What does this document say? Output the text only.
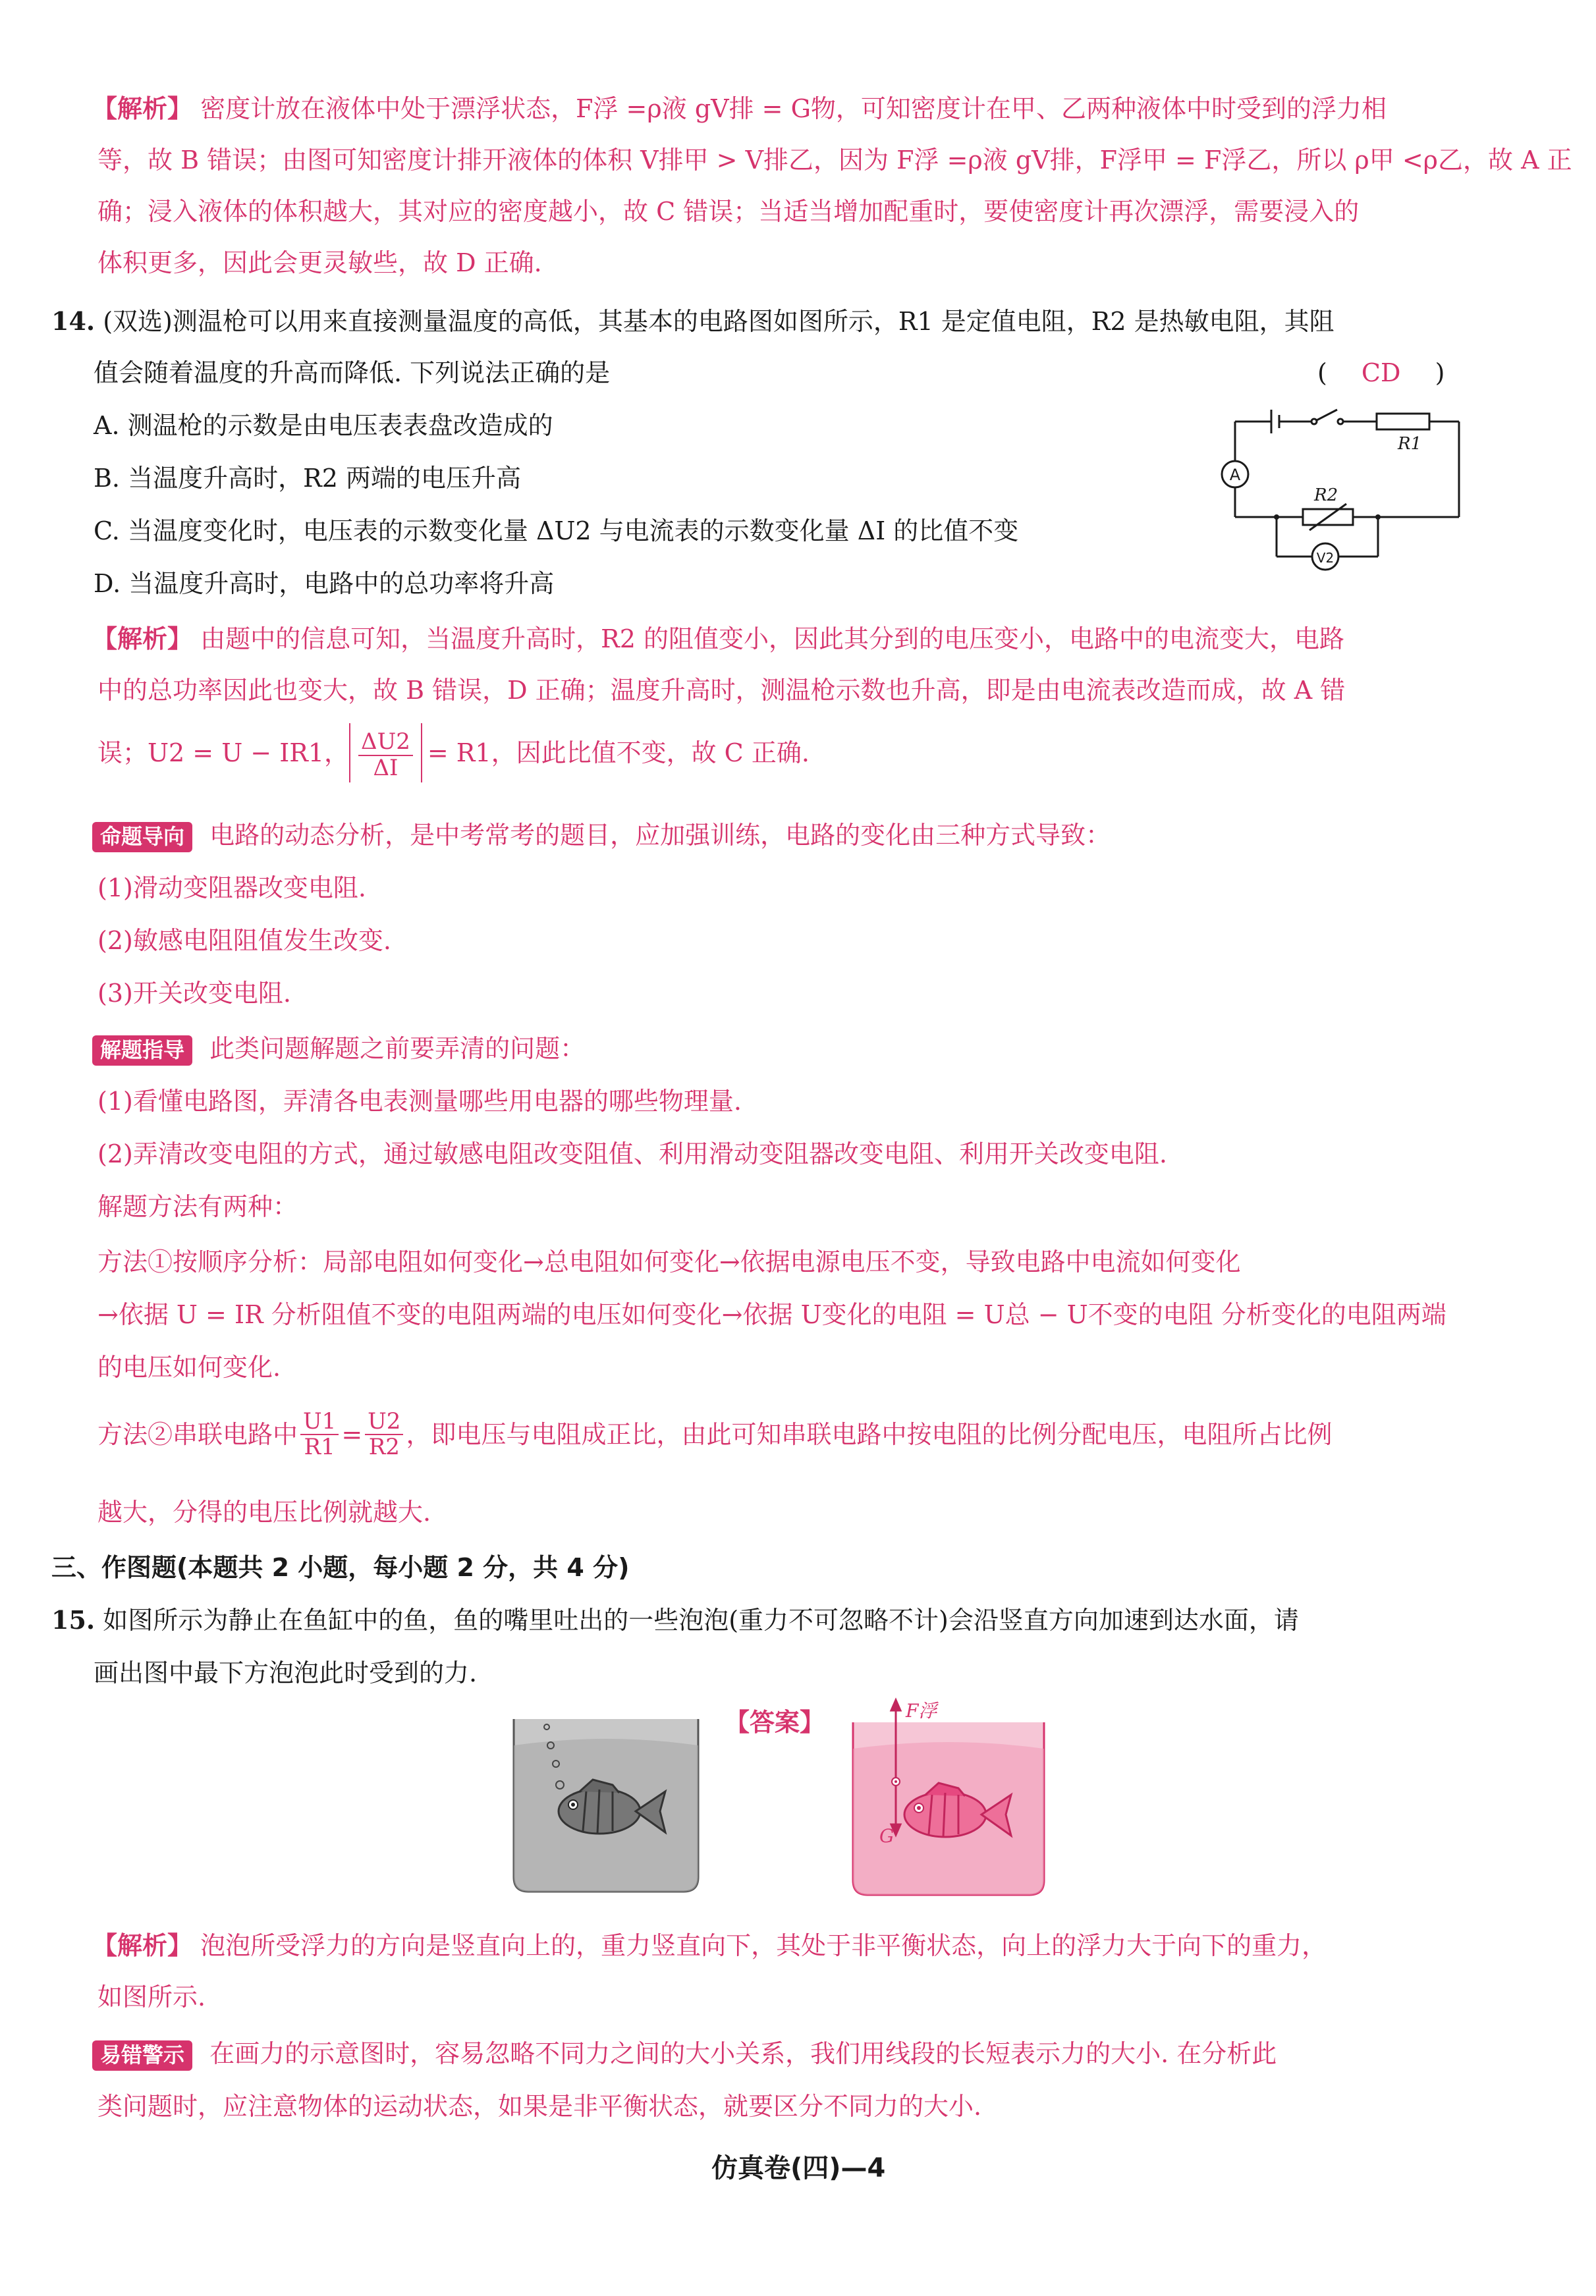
【解析】 密度计放在液体中处于漂浮状态，F浮 =ρ液 gV排 = G物，可知密度计在甲、乙两种液体中时受到的浮力相
等，故 B 错误；由图可知密度计排开液体的体积 V排甲 > V排乙，因为 F浮 =ρ液 gV排，F浮甲 = F浮乙，所以 ρ甲 <ρ乙，故 A 正
确；浸入液体的体积越大，其对应的密度越小，故 C 错误；当适当增加配重时，要使密度计再次漂浮，需要浸入的
体积更多，因此会更灵敏些，故 D 正确.
14. (双选)测温枪可以用来直接测量温度的高低，其基本的电路图如图所示，R1 是定值电阻，R2 是热敏电阻，其阻
值会随着温度的升高而降低. 下列说法正确的是	( CD )
A. 测温枪的示数是由电压表表盘改造成的
B. 当温度升高时，R2 两端的电压升高
C. 当温度变化时，电压表的示数变化量 ΔU2 与电流表的示数变化量 ΔI 的比值不变
D. 当温度升高时，电路中的总功率将升高
R1
R2
A
V2
【解析】 由题中的信息可知，当温度升高时，R2 的阻值变小，因此其分到的电压变小，电路中的电流变大，电路
中的总功率因此也变大，故 B 错误，D 正确；温度升高时，测温枪示数也升高，即是由电流表改造而成，故 A 错
误；U2 = U − IR1， $\frac{\Delta U2}{\Delta I} = R1$，因此比值不变，故 C 正确.
命题导向 电路的动态分析，是中考常考的题目，应加强训练，电路的变化由三种方式导致：
(1)滑动变阻器改变电阻.
(2)敏感电阻阻值发生改变.
(3)开关改变电阻.
解题指导 此类问题解题之前要弄清的问题：
(1)看懂电路图，弄清各电表测量哪些用电器的哪些物理量.
(2)弄清改变电阻的方式，通过敏感电阻改变阻值、利用滑动变阻器改变电阻、利用开关改变电阻.
解题方法有两种：
方法①按顺序分析：局部电阻如何变化→总电阻如何变化→依据电源电压不变，导致电路中电流如何变化
→依据 U = IR 分析阻值不变的电阻两端的电压如何变化→依据 U变化的电阻 = U总 − U不变的电阻 分析变化的电阻两端
的电压如何变化.
方法②串联电路中 $\frac{U1}{R1} = \frac{U2}{R2}$ ，即电压与电阻成正比，由此可知串联电路中按电阻的比例分配电压，电阻所占比例
越大，分得的电压比例就越大.
三、作图题(本题共 2 小题，每小题 2 分，共 4 分)
15. 如图所示为静止在鱼缸中的鱼，鱼的嘴里吐出的一些泡泡(重力不可忽略不计)会沿竖直方向加速到达水面，请
画出图中最下方泡泡此时受到的力.
【答案】	F浮
G
【解析】 泡泡所受浮力的方向是竖直向上的，重力竖直向下，其处于非平衡状态，向上的浮力大于向下的重力，
如图所示.
易错警示 在画力的示意图时，容易忽略不同力之间的大小关系，我们用线段的长短表示力的大小. 在分析此
类问题时，应注意物体的运动状态，如果是非平衡状态，就要区分不同力的大小.
仿真卷(四)—4
